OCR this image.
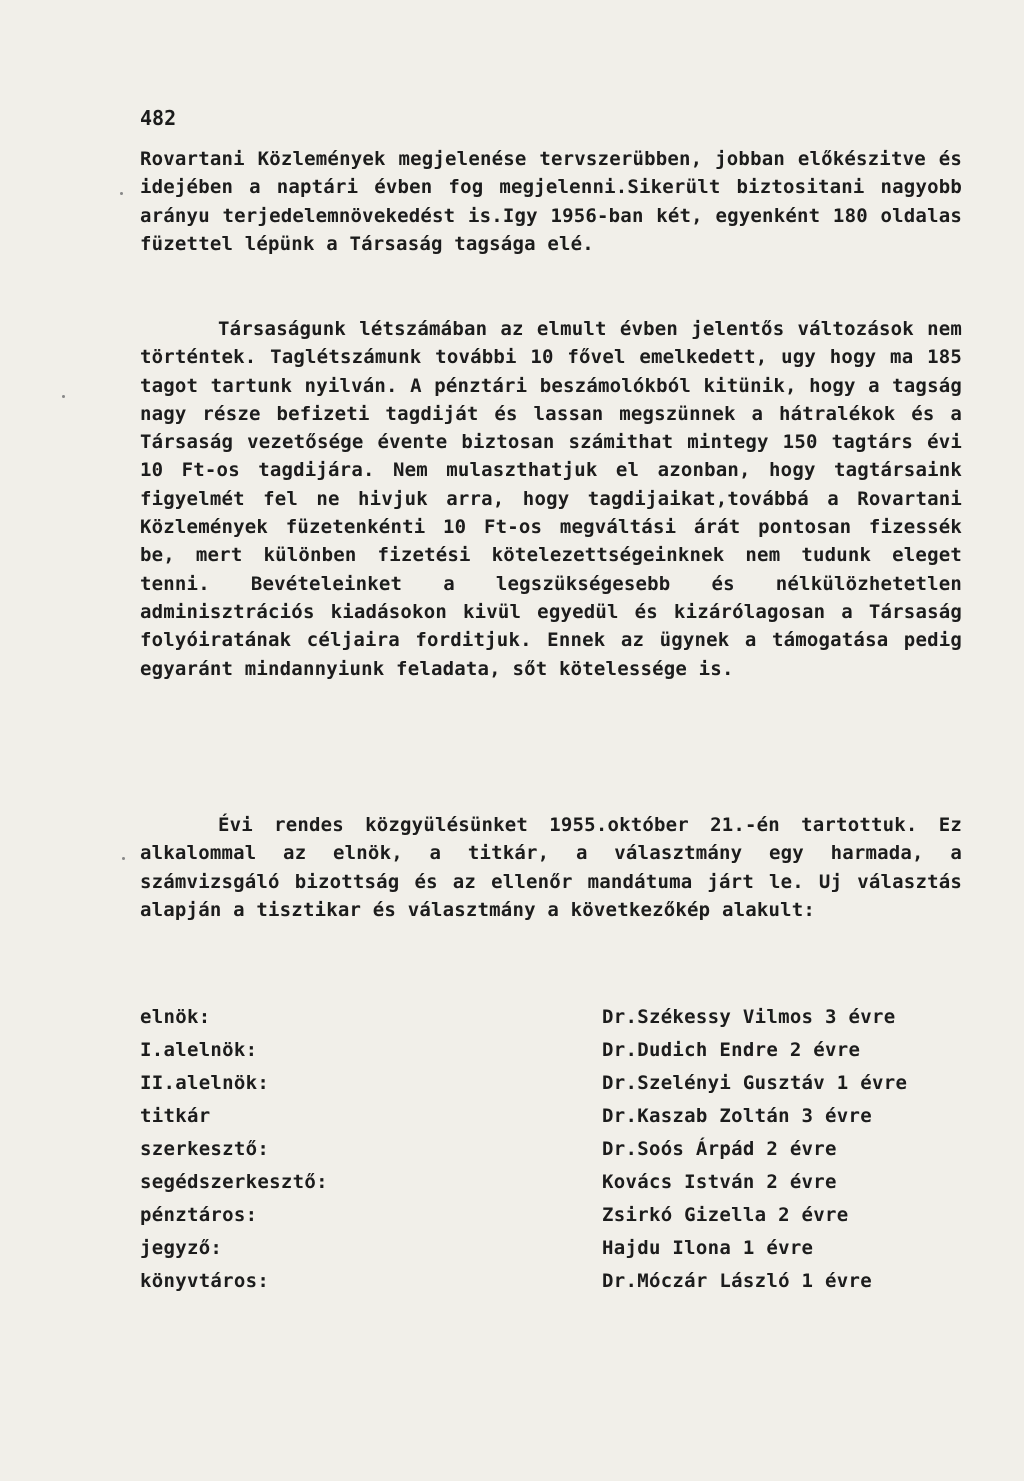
482

Rovartani Közlemények megjelenése tervszerübben, jobban előkészitve és idejében a naptári évben fog megjelenni.Sikerült biztositani nagyobb arányu terjedelemnövekedést is.Igy 1956-ban két, egyenként 180 oldalas füzettel lépünk a Társaság tagsága elé.

Társaságunk létszámában az elmult évben jelentős változások nem történtek. Taglétszámunk további 10 fővel emelkedett, ugy hogy ma 185 tagot tartunk nyilván. A pénztári beszámolókból kitünik, hogy a tagság nagy része befizeti tagdiját és lassan megszünnek a hátralékok és a Társaság vezetősége évente biztosan számithat mintegy 150 tagtárs évi 10 Ft-os tagdijára. Nem mulaszthatjuk el azonban, hogy tagtársaink figyelmét fel ne hivjuk arra, hogy tagdijaikat,továbbá a Rovartani Közlemények füzetenkénti 10 Ft-os megváltási árát pontosan fizessék be, mert különben fizetési kötelezettségeinknek nem tudunk eleget tenni. Bevételeinket a legszükségesebb és nélkülözhetetlen adminisztrációs kiadásokon kivül egyedül és kizárólagosan a Társaság folyóiratának céljaira forditjuk. Ennek az ügynek a támogatása pedig egyaránt mindannyiunk feladata, sőt kötelessége is.

Évi rendes közgyülésünket 1955.október 21.-én tartottuk. Ez alkalommal az elnök, a titkár, a választmány egy harmada, a számvizsgáló bizottság és az ellenőr mandátuma járt le. Uj választás alapján a tisztikar és választmány a következőkép alakult:

elnök:	Dr.Székessy Vilmos 3 évre
I.alelnök:	Dr.Dudich Endre 2 évre
II.alelnök:	Dr.Szelényi Gusztáv 1 évre
titkár	Dr.Kaszab Zoltán 3 évre
szerkesztő:	Dr.Soós Árpád 2 évre
segédszerkesztő:	Kovács István 2 évre
pénztáros:	Zsirkó Gizella 2 évre
jegyző:	Hajdu Ilona 1 évre
könyvtáros:	Dr.Móczár László 1 évre
